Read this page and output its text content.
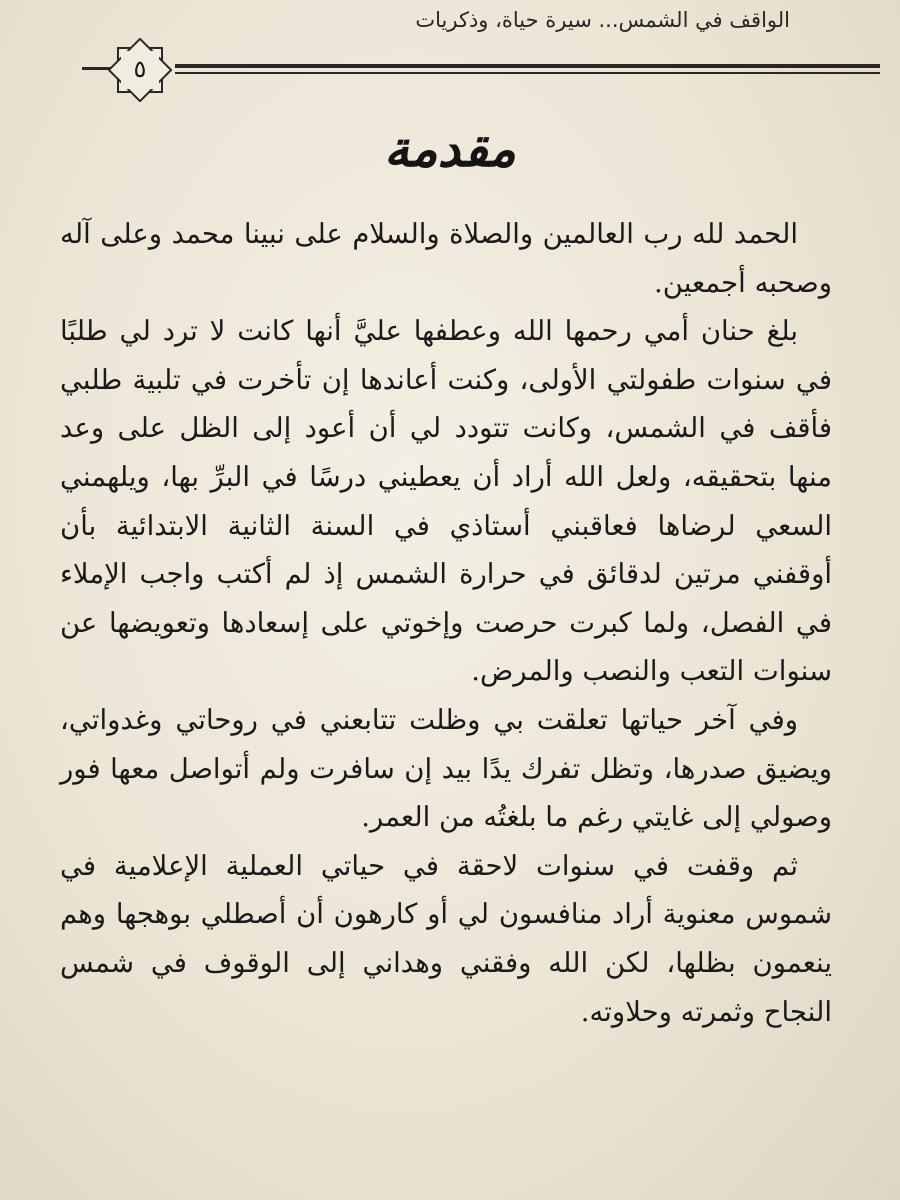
الواقف في الشمس... سيرة حياة، وذكريات
٥
مقدمة

الحمد لله رب العالمين والصلاة والسلام على نبينا محمد وعلى آله وصحبه أجمعين.

بلغ حنان أمي رحمها الله وعطفها عليَّ أنها كانت لا ترد لي طلبًا في سنوات طفولتي الأولى، وكنت أعاندها إن تأخرت في تلبية طلبي فأقف في الشمس، وكانت تتودد لي أن أعود إلى الظل على وعد منها بتحقيقه، ولعل الله أراد أن يعطيني درسًا في البرِّ بها، ويلهمني السعي لرضاها فعاقبني أستاذي في السنة الثانية الابتدائية بأن أوقفني مرتين لدقائق في حرارة الشمس إذ لم أكتب واجب الإملاء في الفصل، ولما كبرت حرصت وإخوتي على إسعادها وتعويضها عن سنوات التعب والنصب والمرض.

وفي آخر حياتها تعلقت بي وظلت تتابعني في روحاتي وغدواتي، ويضيق صدرها، وتظل تفرك يدًا بيد إن سافرت ولم أتواصل معها فور وصولي إلى غايتي رغم ما بلغتُه من العمر.

ثم وقفت في سنوات لاحقة في حياتي العملية الإعلامية في شموس معنوية أراد منافسون لي أو كارهون أن أصطلي بوهجها وهم ينعمون بظلها، لكن الله وفقني وهداني إلى الوقوف في شمس النجاح وثمرته وحلاوته.
